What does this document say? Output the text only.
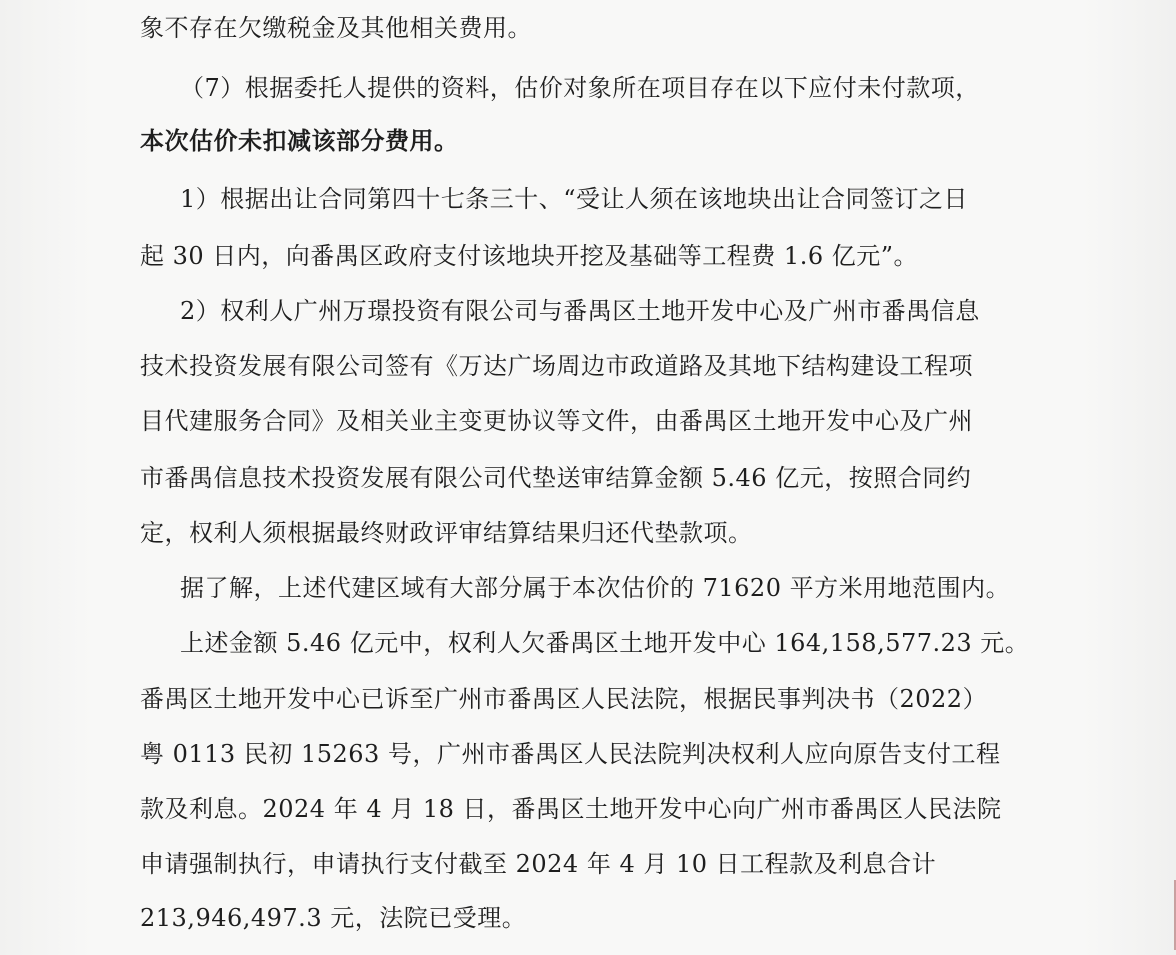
象不存在欠缴税金及其他相关费用。
（7）根据委托人提供的资料，估价对象所在项目存在以下应付未付款项，
本次估价未扣减该部分费用。
1）根据出让合同第四十七条三十、“受让人须在该地块出让合同签订之日
起 30 日内，向番禺区政府支付该地块开挖及基础等工程费 1.6 亿元”。
2）权利人广州万璟投资有限公司与番禺区土地开发中心及广州市番禺信息
技术投资发展有限公司签有《万达广场周边市政道路及其地下结构建设工程项
目代建服务合同》及相关业主变更协议等文件，由番禺区土地开发中心及广州
市番禺信息技术投资发展有限公司代垫送审结算金额 5.46 亿元，按照合同约
定，权利人须根据最终财政评审结算结果归还代垫款项。
据了解，上述代建区域有大部分属于本次估价的 71620 平方米用地范围内。
上述金额 5.46 亿元中，权利人欠番禺区土地开发中心 164,158,577.23 元。
番禺区土地开发中心已诉至广州市番禺区人民法院，根据民事判决书（2022）
粤 0113 民初 15263 号，广州市番禺区人民法院判决权利人应向原告支付工程
款及利息。2024 年 4 月 18 日，番禺区土地开发中心向广州市番禺区人民法院
申请强制执行，申请执行支付截至 2024 年 4 月 10 日工程款及利息合计
213,946,497.3 元，法院已受理。
